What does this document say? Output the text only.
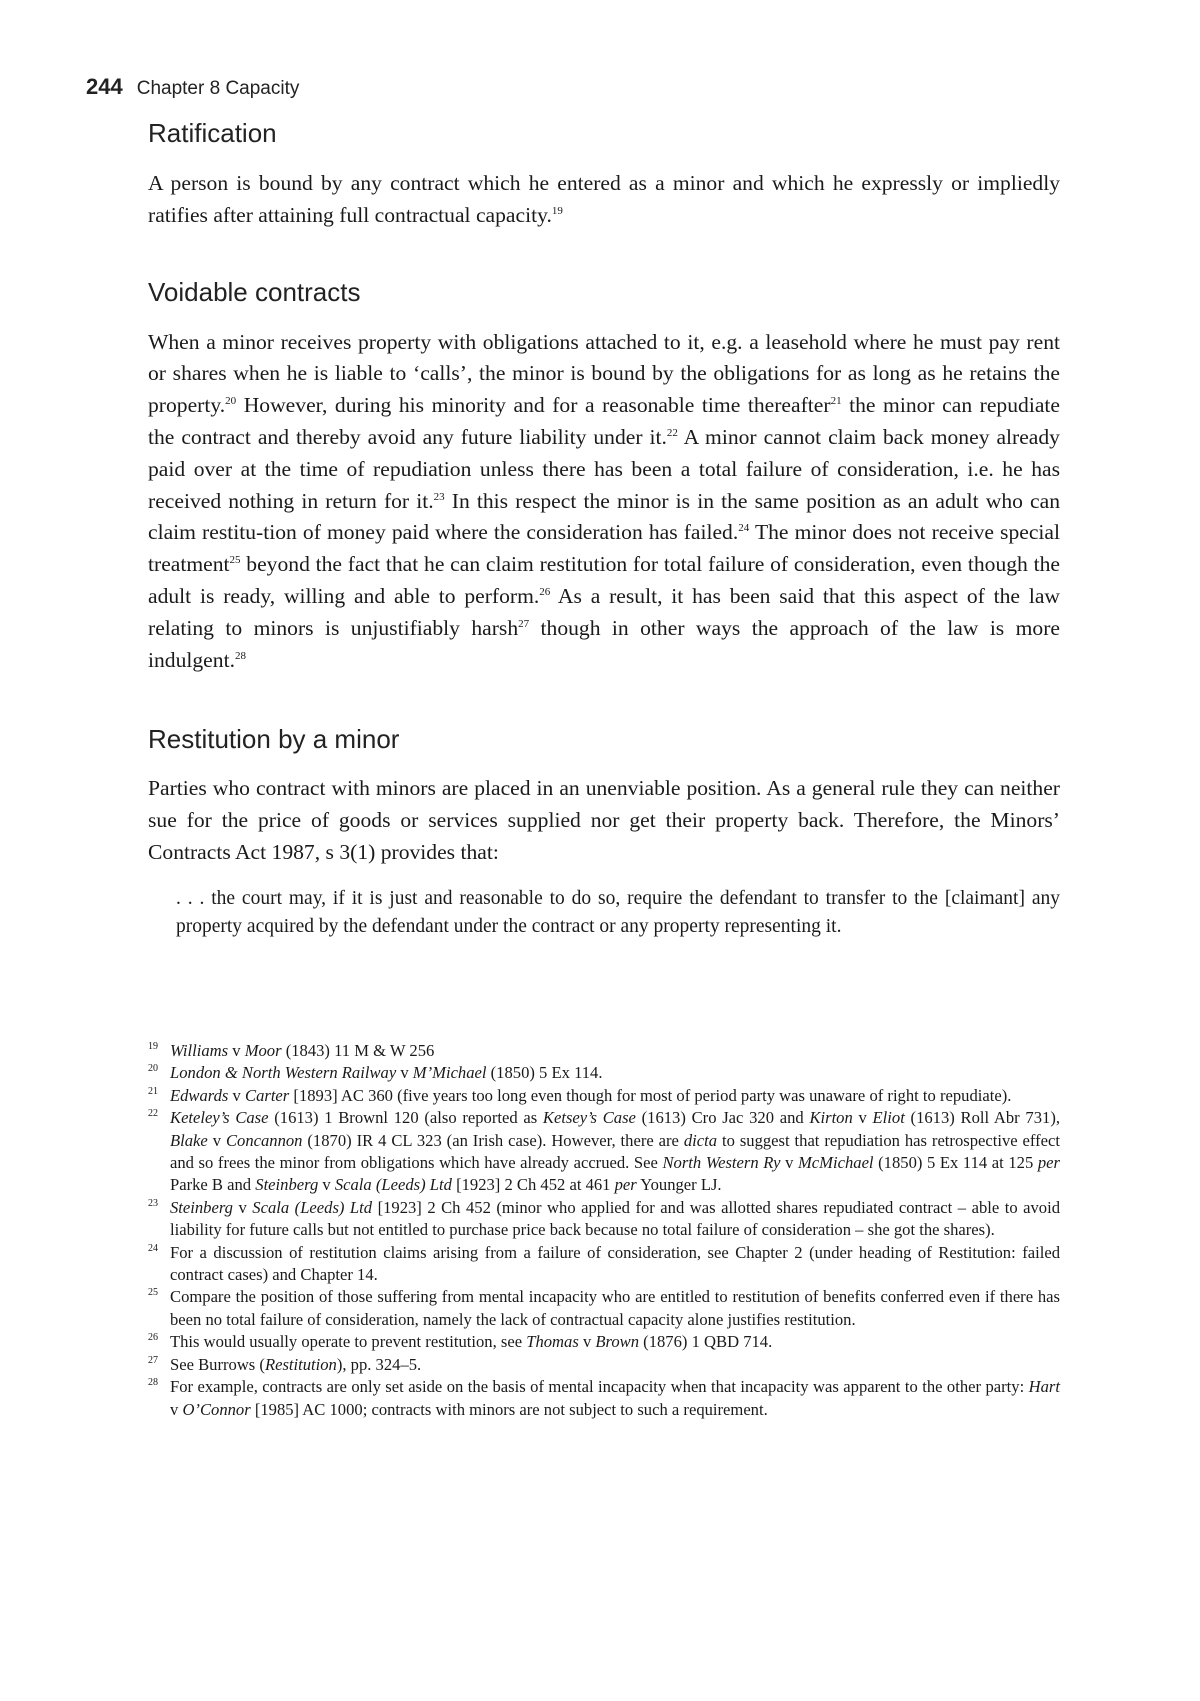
244 Chapter 8 Capacity
Ratification

A person is bound by any contract which he entered as a minor and which he expressly or impliedly ratifies after attaining full contractual capacity.$^{19}$

Voidable contracts

When a minor receives property with obligations attached to it, e.g. a leasehold where he must pay rent or shares when he is liable to ‘calls’, the minor is bound by the obligations for as long as he retains the property.$^{20}$ However, during his minority and for a reasonable time thereafter$^{21}$ the minor can repudiate the contract and thereby avoid any future liability under it.$^{22}$ A minor cannot claim back money already paid over at the time of repudiation unless there has been a total failure of consideration, i.e. he has received nothing in return for it.$^{23}$ In this respect the minor is in the same position as an adult who can claim restitu-tion of money paid where the consideration has failed.$^{24}$ The minor does not receive special treatment$^{25}$ beyond the fact that he can claim restitution for total failure of consideration, even though the adult is ready, willing and able to perform.$^{26}$ As a result, it has been said that this aspect of the law relating to minors is unjustifiably harsh$^{27}$ though in other ways the approach of the law is more indulgent.$^{28}$

Restitution by a minor

Parties who contract with minors are placed in an unenviable position. As a general rule they can neither sue for the price of goods or services supplied nor get their property back. Therefore, the Minors’ Contracts Act 1987, s 3(1) provides that:

. . . the court may, if it is just and reasonable to do so, require the defendant to transfer to the [claimant] any property acquired by the defendant under the contract or any property representing it.

19 Williams v Moor (1843) 11 M & W 256
20 London & North Western Railway v M’Michael (1850) 5 Ex 114.
21 Edwards v Carter [1893] AC 360 (five years too long even though for most of period party was unaware of right to repudiate).
22 Keteley’s Case (1613) 1 Brownl 120 (also reported as Ketsey’s Case (1613) Cro Jac 320 and Kirton v Eliot (1613) Roll Abr 731), Blake v Concannon (1870) IR 4 CL 323 (an Irish case). However, there are dicta to suggest that repudiation has retrospective effect and so frees the minor from obligations which have already accrued. See North Western Ry v McMichael (1850) 5 Ex 114 at 125 per Parke B and Steinberg v Scala (Leeds) Ltd [1923] 2 Ch 452 at 461 per Younger LJ.
23 Steinberg v Scala (Leeds) Ltd [1923] 2 Ch 452 (minor who applied for and was allotted shares repudiated contract – able to avoid liability for future calls but not entitled to purchase price back because no total failure of consideration – she got the shares).
24 For a discussion of restitution claims arising from a failure of consideration, see Chapter 2 (under heading of Restitution: failed contract cases) and Chapter 14.
25 Compare the position of those suffering from mental incapacity who are entitled to restitution of benefits conferred even if there has been no total failure of consideration, namely the lack of contractual capacity alone justifies restitution.
26 This would usually operate to prevent restitution, see Thomas v Brown (1876) 1 QBD 714.
27 See Burrows (Restitution), pp. 324–5.
28 For example, contracts are only set aside on the basis of mental incapacity when that incapacity was apparent to the other party: Hart v O’Connor [1985] AC 1000; contracts with minors are not subject to such a requirement.
